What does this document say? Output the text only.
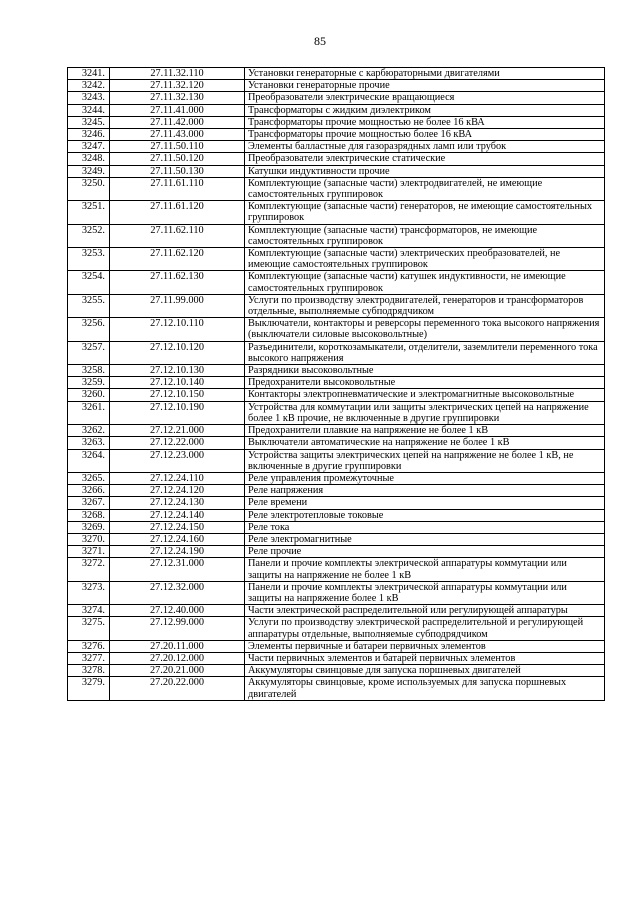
85
3241.	27.11.32.110	Установки генераторные с карбюраторными двигателями
3242.	27.11.32.120	Установки генераторные прочие
3243.	27.11.32.130	Преобразователи электрические вращающиеся
3244.	27.11.41.000	Трансформаторы с жидким диэлектриком
3245.	27.11.42.000	Трансформаторы прочие мощностью не более 16 кВА
3246.	27.11.43.000	Трансформаторы прочие мощностью более 16 кВА
3247.	27.11.50.110	Элементы балластные для газоразрядных ламп или трубок
3248.	27.11.50.120	Преобразователи электрические статические
3249.	27.11.50.130	Катушки индуктивности прочие
3250.	27.11.61.110	Комплектующие (запасные части) электродвигателей, не имеющие самостоятельных группировок
3251.	27.11.61.120	Комплектующие (запасные части) генераторов, не имеющие самостоятельных группировок
3252.	27.11.62.110	Комплектующие (запасные части) трансформаторов, не имеющие самостоятельных группировок
3253.	27.11.62.120	Комплектующие (запасные части) электрических преобразователей, не имеющие самостоятельных группировок
3254.	27.11.62.130	Комплектующие (запасные части) катушек индуктивности, не имеющие самостоятельных группировок
3255.	27.11.99.000	Услуги по производству электродвигателей, генераторов и трансформаторов отдельные, выполняемые субподрядчиком
3256.	27.12.10.110	Выключатели, контакторы и реверсоры переменного тока высокого напряжения (выключатели силовые высоковольтные)
3257.	27.12.10.120	Разъединители, короткозамыкатели, отделители, заземлители переменного тока высокого напряжения
3258.	27.12.10.130	Разрядники высоковольтные
3259.	27.12.10.140	Предохранители высоковольтные
3260.	27.12.10.150	Контакторы электропневматические и электромагнитные высоковольтные
3261.	27.12.10.190	Устройства для коммутации или защиты электрических цепей на напряжение более 1 кВ прочие, не включенные в другие группировки
3262.	27.12.21.000	Предохранители плавкие на напряжение не более 1 кВ
3263.	27.12.22.000	Выключатели автоматические на напряжение не более 1 кВ
3264.	27.12.23.000	Устройства защиты электрических цепей на напряжение не более 1 кВ, не включенные в другие группировки
3265.	27.12.24.110	Реле управления промежуточные
3266.	27.12.24.120	Реле напряжения
3267.	27.12.24.130	Реле времени
3268.	27.12.24.140	Реле электротепловые токовые
3269.	27.12.24.150	Реле тока
3270.	27.12.24.160	Реле электромагнитные
3271.	27.12.24.190	Реле прочие
3272.	27.12.31.000	Панели и прочие комплекты электрической аппаратуры коммутации или защиты на напряжение не более 1 кВ
3273.	27.12.32.000	Панели и прочие комплекты электрической аппаратуры коммутации или защиты на напряжение более 1 кВ
3274.	27.12.40.000	Части электрической распределительной или регулирующей аппаратуры
3275.	27.12.99.000	Услуги по производству электрической распределительной и регулирующей аппаратуры отдельные, выполняемые субподрядчиком
3276.	27.20.11.000	Элементы первичные и батареи первичных элементов
3277.	27.20.12.000	Части первичных элементов и батарей первичных элементов
3278.	27.20.21.000	Аккумуляторы свинцовые для запуска поршневых двигателей
3279.	27.20.22.000	Аккумуляторы свинцовые, кроме используемых для запуска поршневых двигателей
